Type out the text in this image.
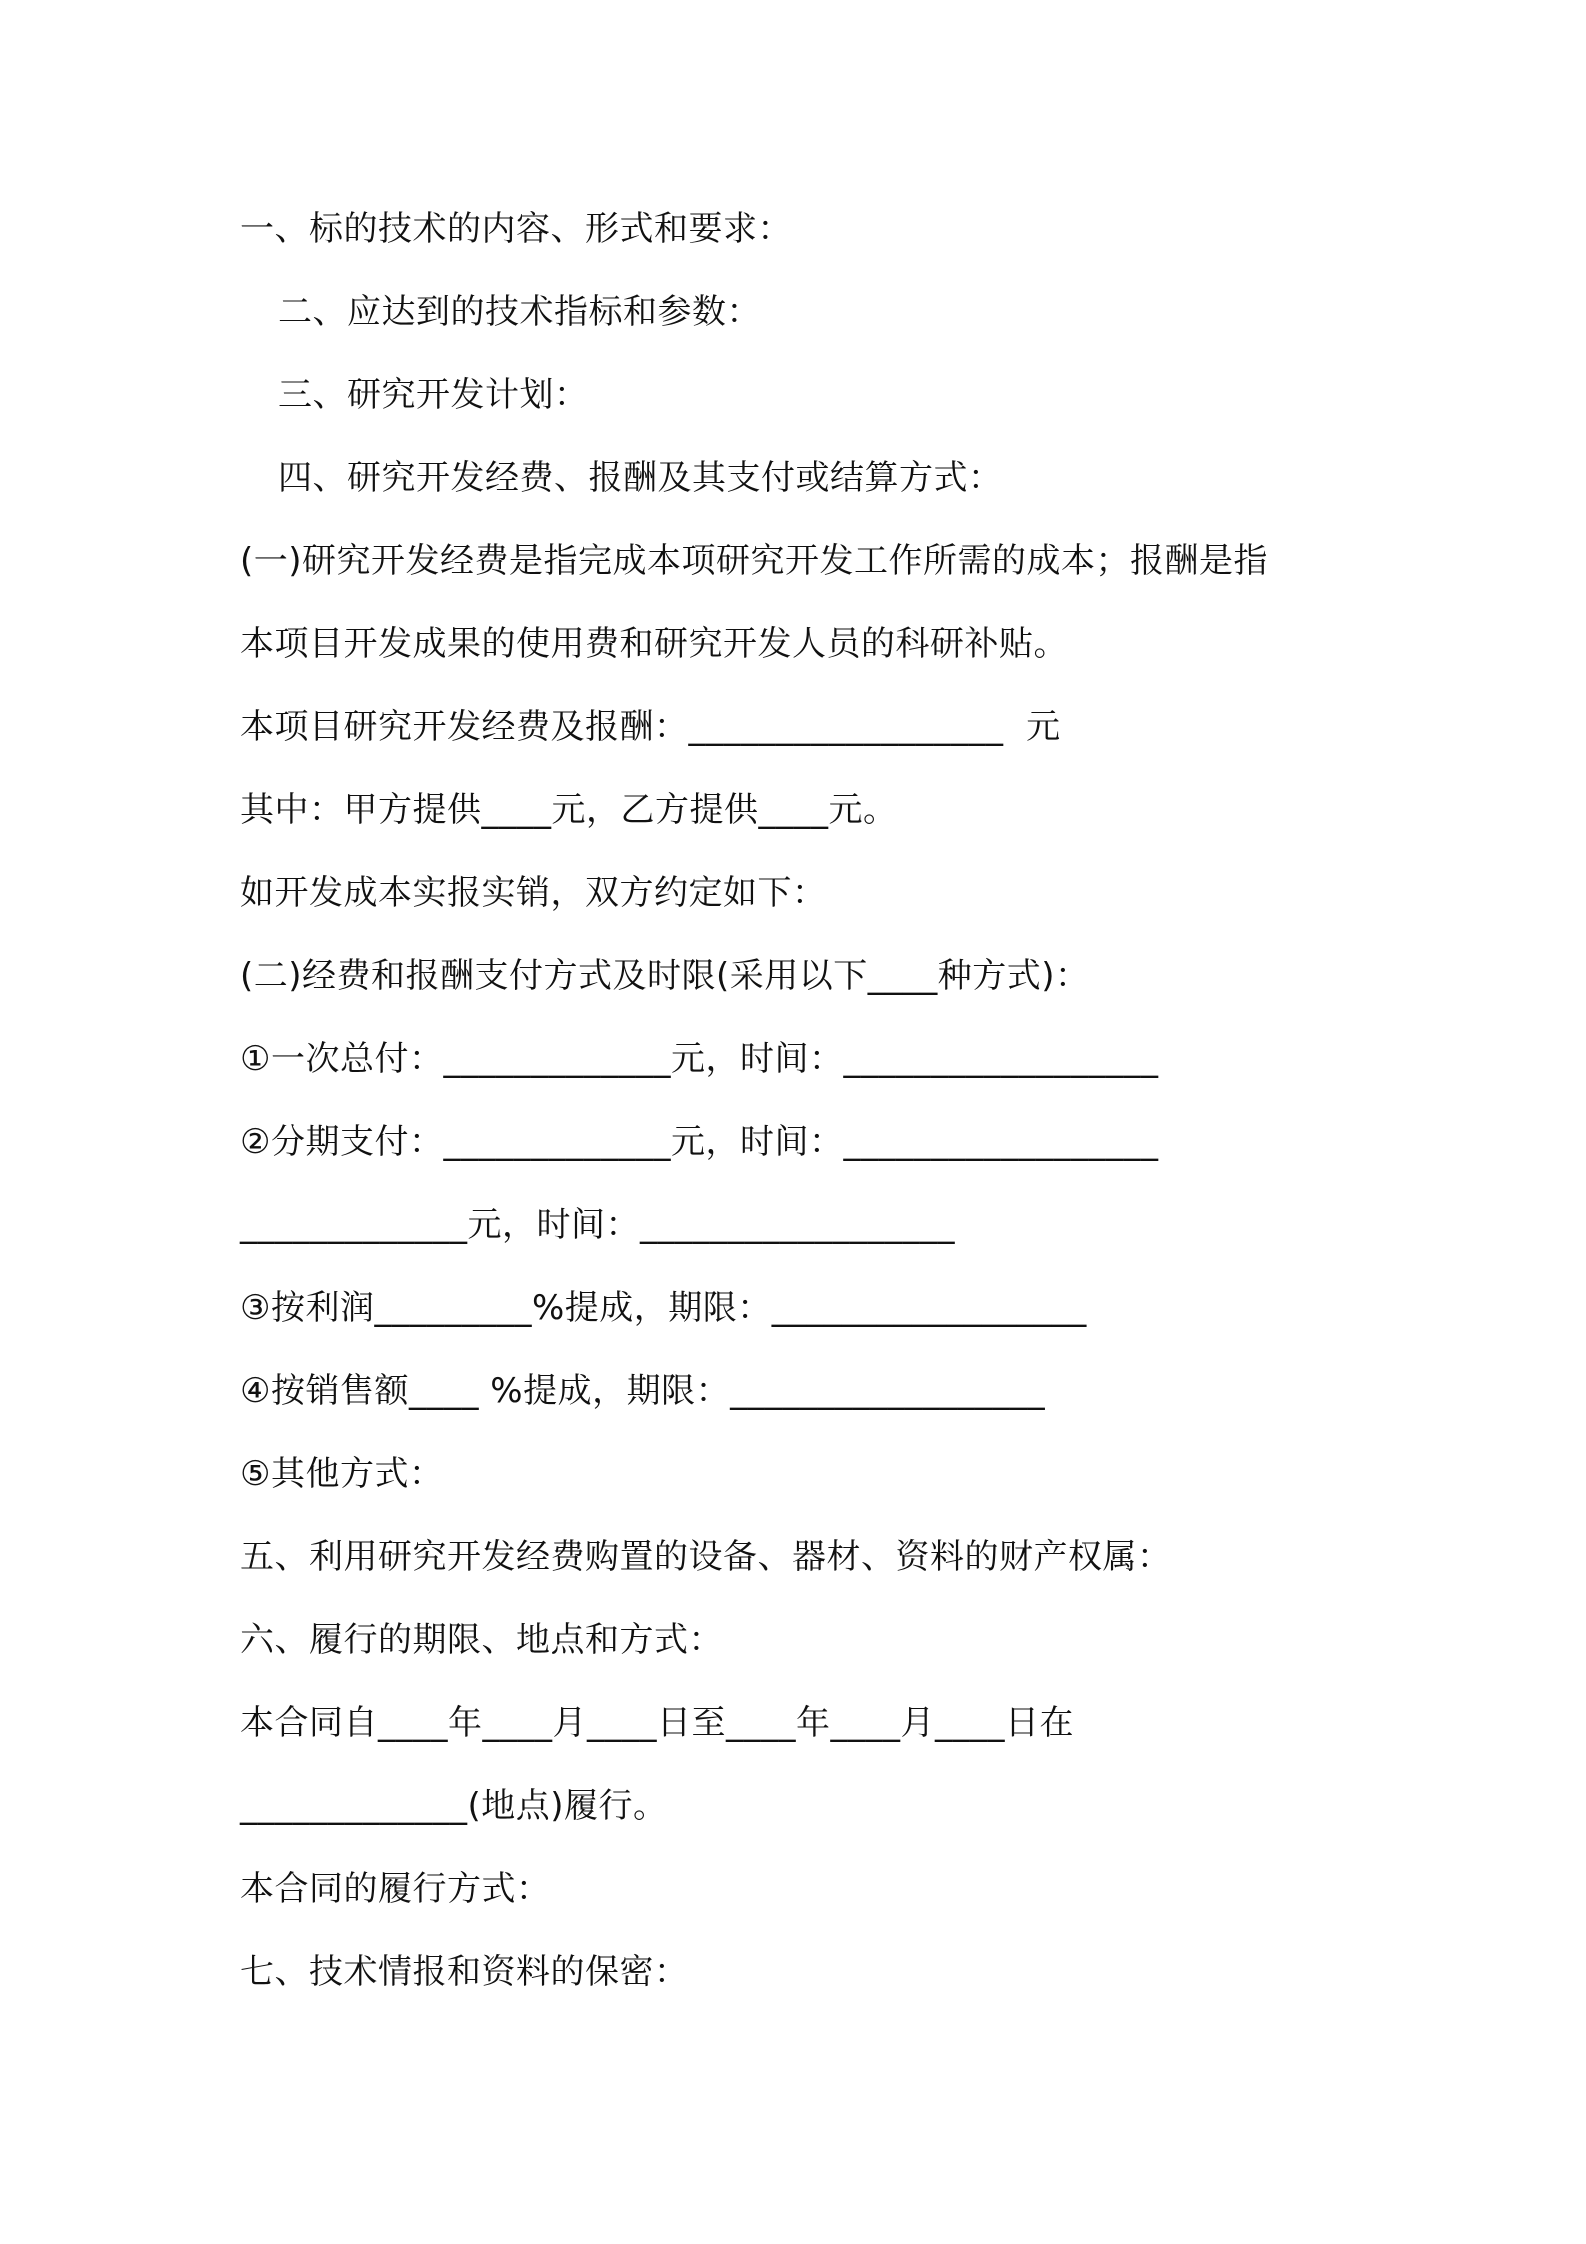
一、标的技术的内容、形式和要求：
二、应达到的技术指标和参数：
三、研究开发计划：
四、研究开发经费、报酬及其支付或结算方式：
(一)研究开发经费是指完成本项研究开发工作所需的成本；报酬是指
本项目开发成果的使用费和研究开发人员的科研补贴。
本项目研究开发经费及报酬：__________________  元
其中：甲方提供____元，乙方提供____元。
如开发成本实报实销，双方约定如下：
(二)经费和报酬支付方式及时限(采用以下____种方式)：
①一次总付：_____________元，时间：__________________
②分期支付：_____________元，时间：__________________
_____________元，时间：__________________
③按利润_________%提成，期限：__________________
④按销售额____ %提成，期限：__________________
⑤其他方式：
五、利用研究开发经费购置的设备、器材、资料的财产权属：
六、履行的期限、地点和方式：
本合同自____年____月____日至____年____月____日在
_____________(地点)履行。
本合同的履行方式：
七、技术情报和资料的保密：
